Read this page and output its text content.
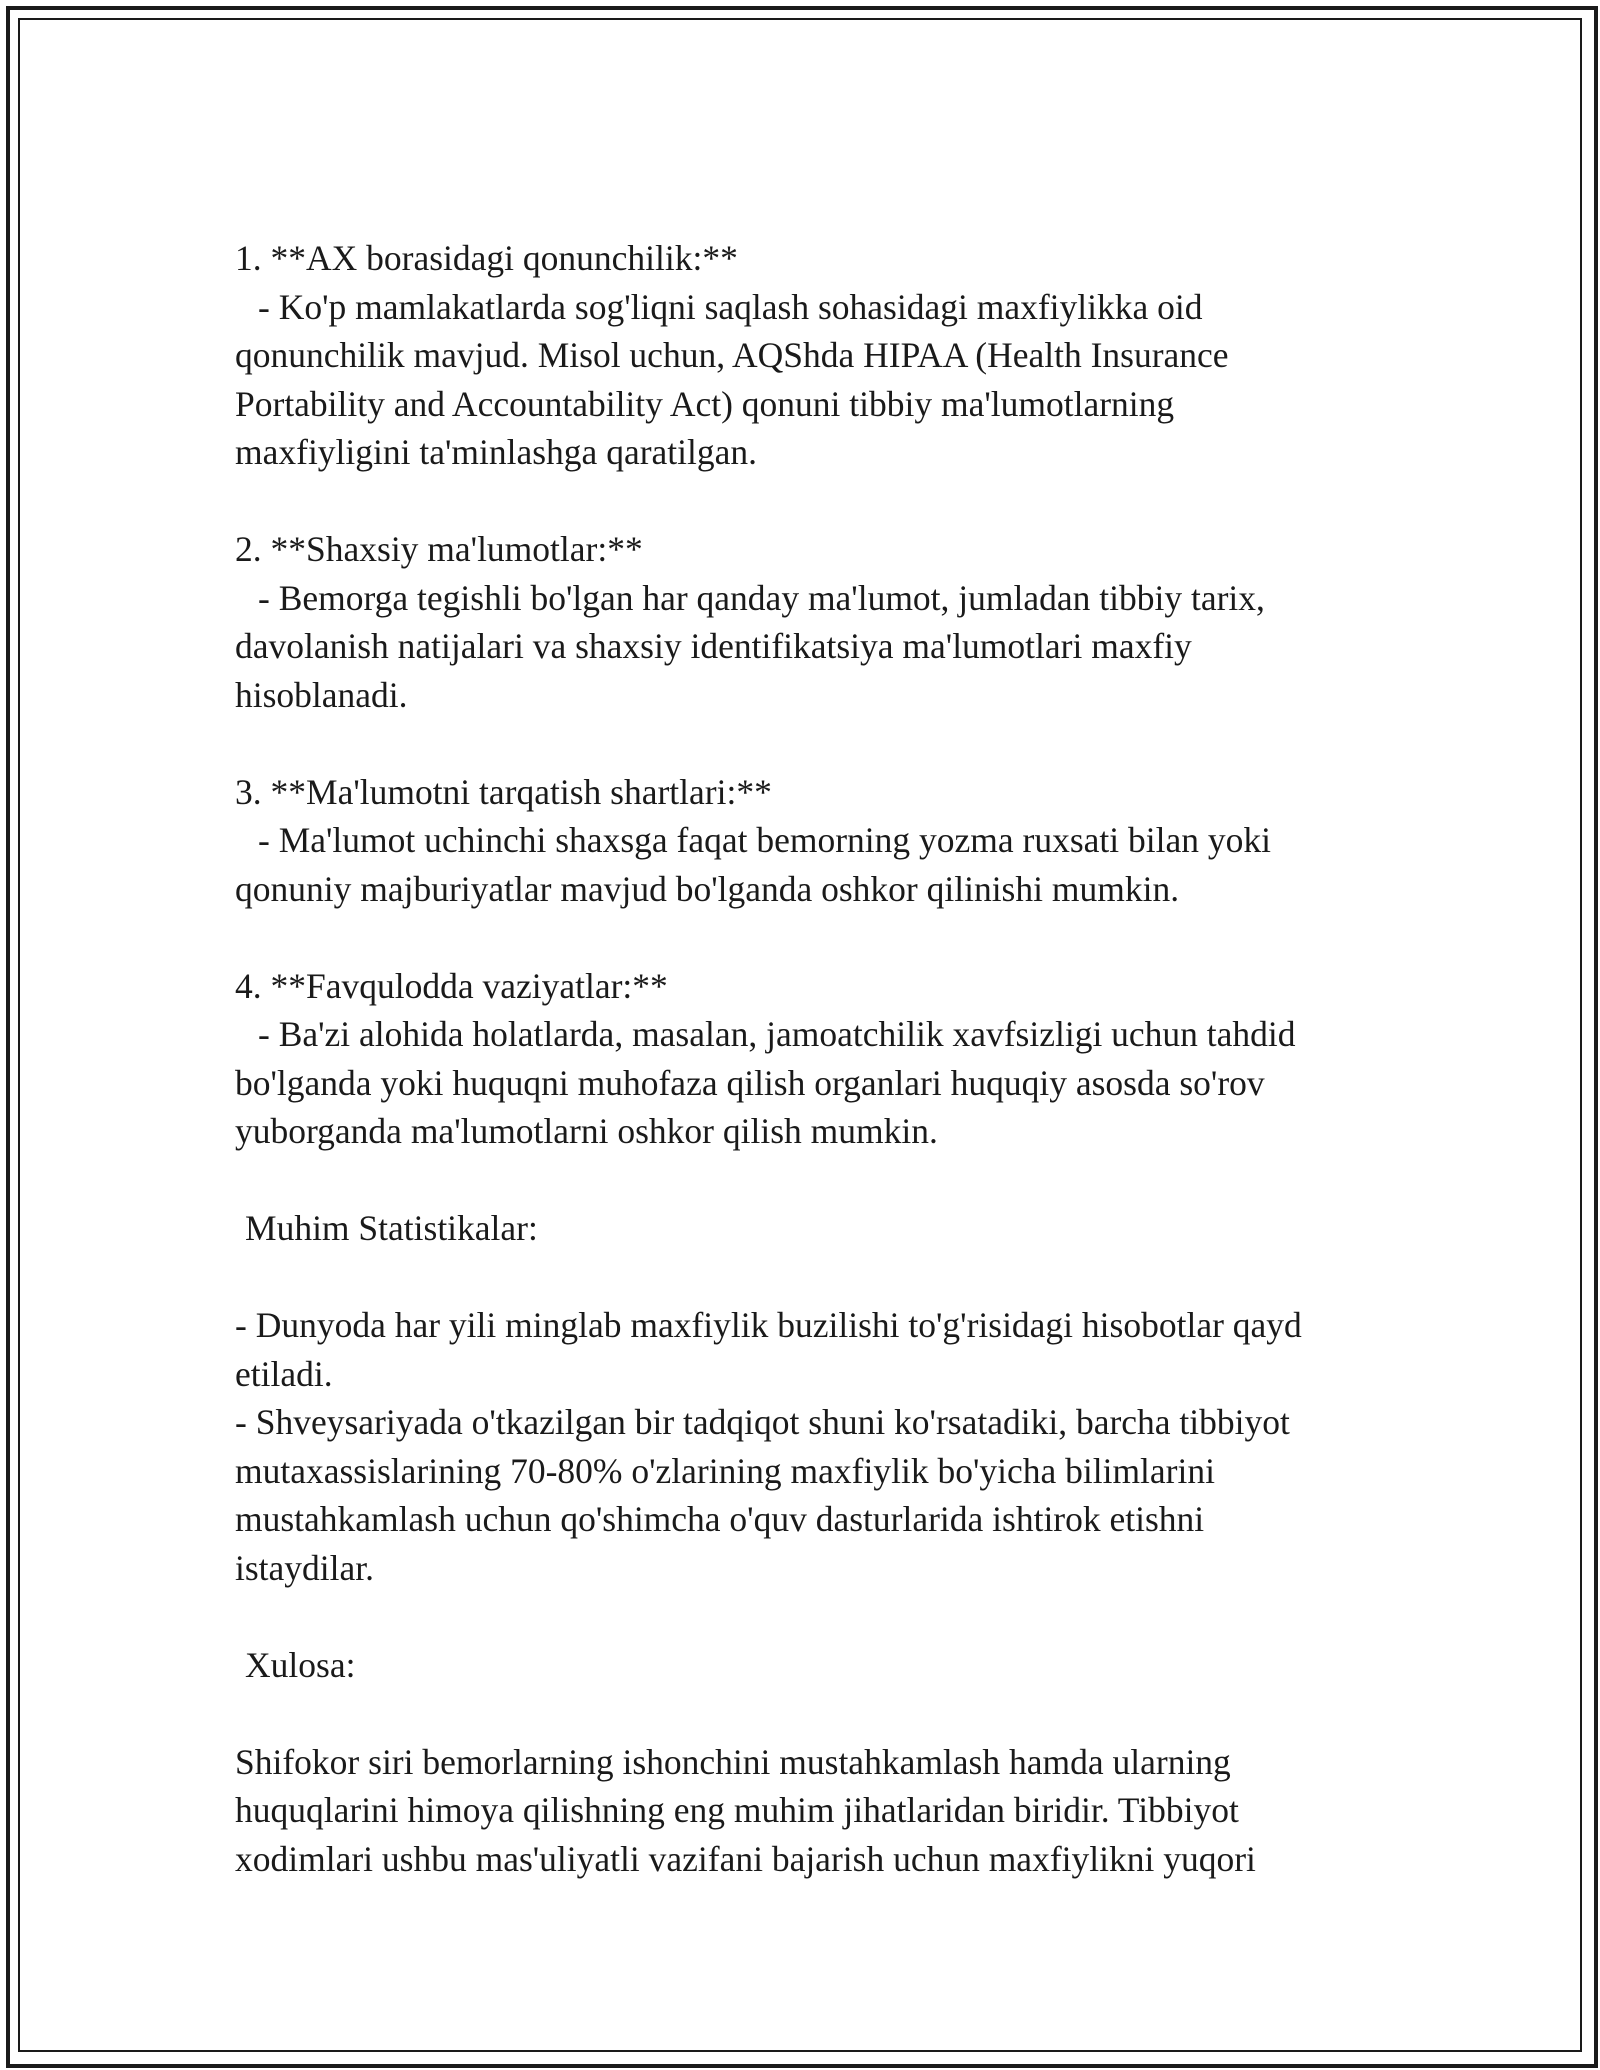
1. **AX borasidagi qonunchilik:**
- Ko'p mamlakatlarda sog'liqni saqlash sohasidagi maxfiylikka oid
qonunchilik mavjud. Misol uchun, AQShda HIPAA (Health Insurance
Portability and Accountability Act) qonuni tibbiy ma'lumotlarning
maxfiyligini ta'minlashga qaratilgan.
2. **Shaxsiy ma'lumotlar:**
- Bemorga tegishli bo'lgan har qanday ma'lumot, jumladan tibbiy tarix,
davolanish natijalari va shaxsiy identifikatsiya ma'lumotlari maxfiy
hisoblanadi.
3. **Ma'lumotni tarqatish shartlari:**
- Ma'lumot uchinchi shaxsga faqat bemorning yozma ruxsati bilan yoki
qonuniy majburiyatlar mavjud bo'lganda oshkor qilinishi mumkin.
4. **Favqulodda vaziyatlar:**
- Ba'zi alohida holatlarda, masalan, jamoatchilik xavfsizligi uchun tahdid
bo'lganda yoki huquqni muhofaza qilish organlari huquqiy asosda so'rov
yuborganda ma'lumotlarni oshkor qilish mumkin.
Muhim Statistikalar:
- Dunyoda har yili minglab maxfiylik buzilishi to'g'risidagi hisobotlar qayd
etiladi.
- Shveysariyada o'tkazilgan bir tadqiqot shuni ko'rsatadiki, barcha tibbiyot
mutaxassislarining 70-80% o'zlarining maxfiylik bo'yicha bilimlarini
mustahkamlash uchun qo'shimcha o'quv dasturlarida ishtirok etishni
istaydilar.
Xulosa:
Shifokor siri bemorlarning ishonchini mustahkamlash hamda ularning
huquqlarini himoya qilishning eng muhim jihatlaridan biridir. Tibbiyot
xodimlari ushbu mas'uliyatli vazifani bajarish uchun maxfiylikni yuqori
